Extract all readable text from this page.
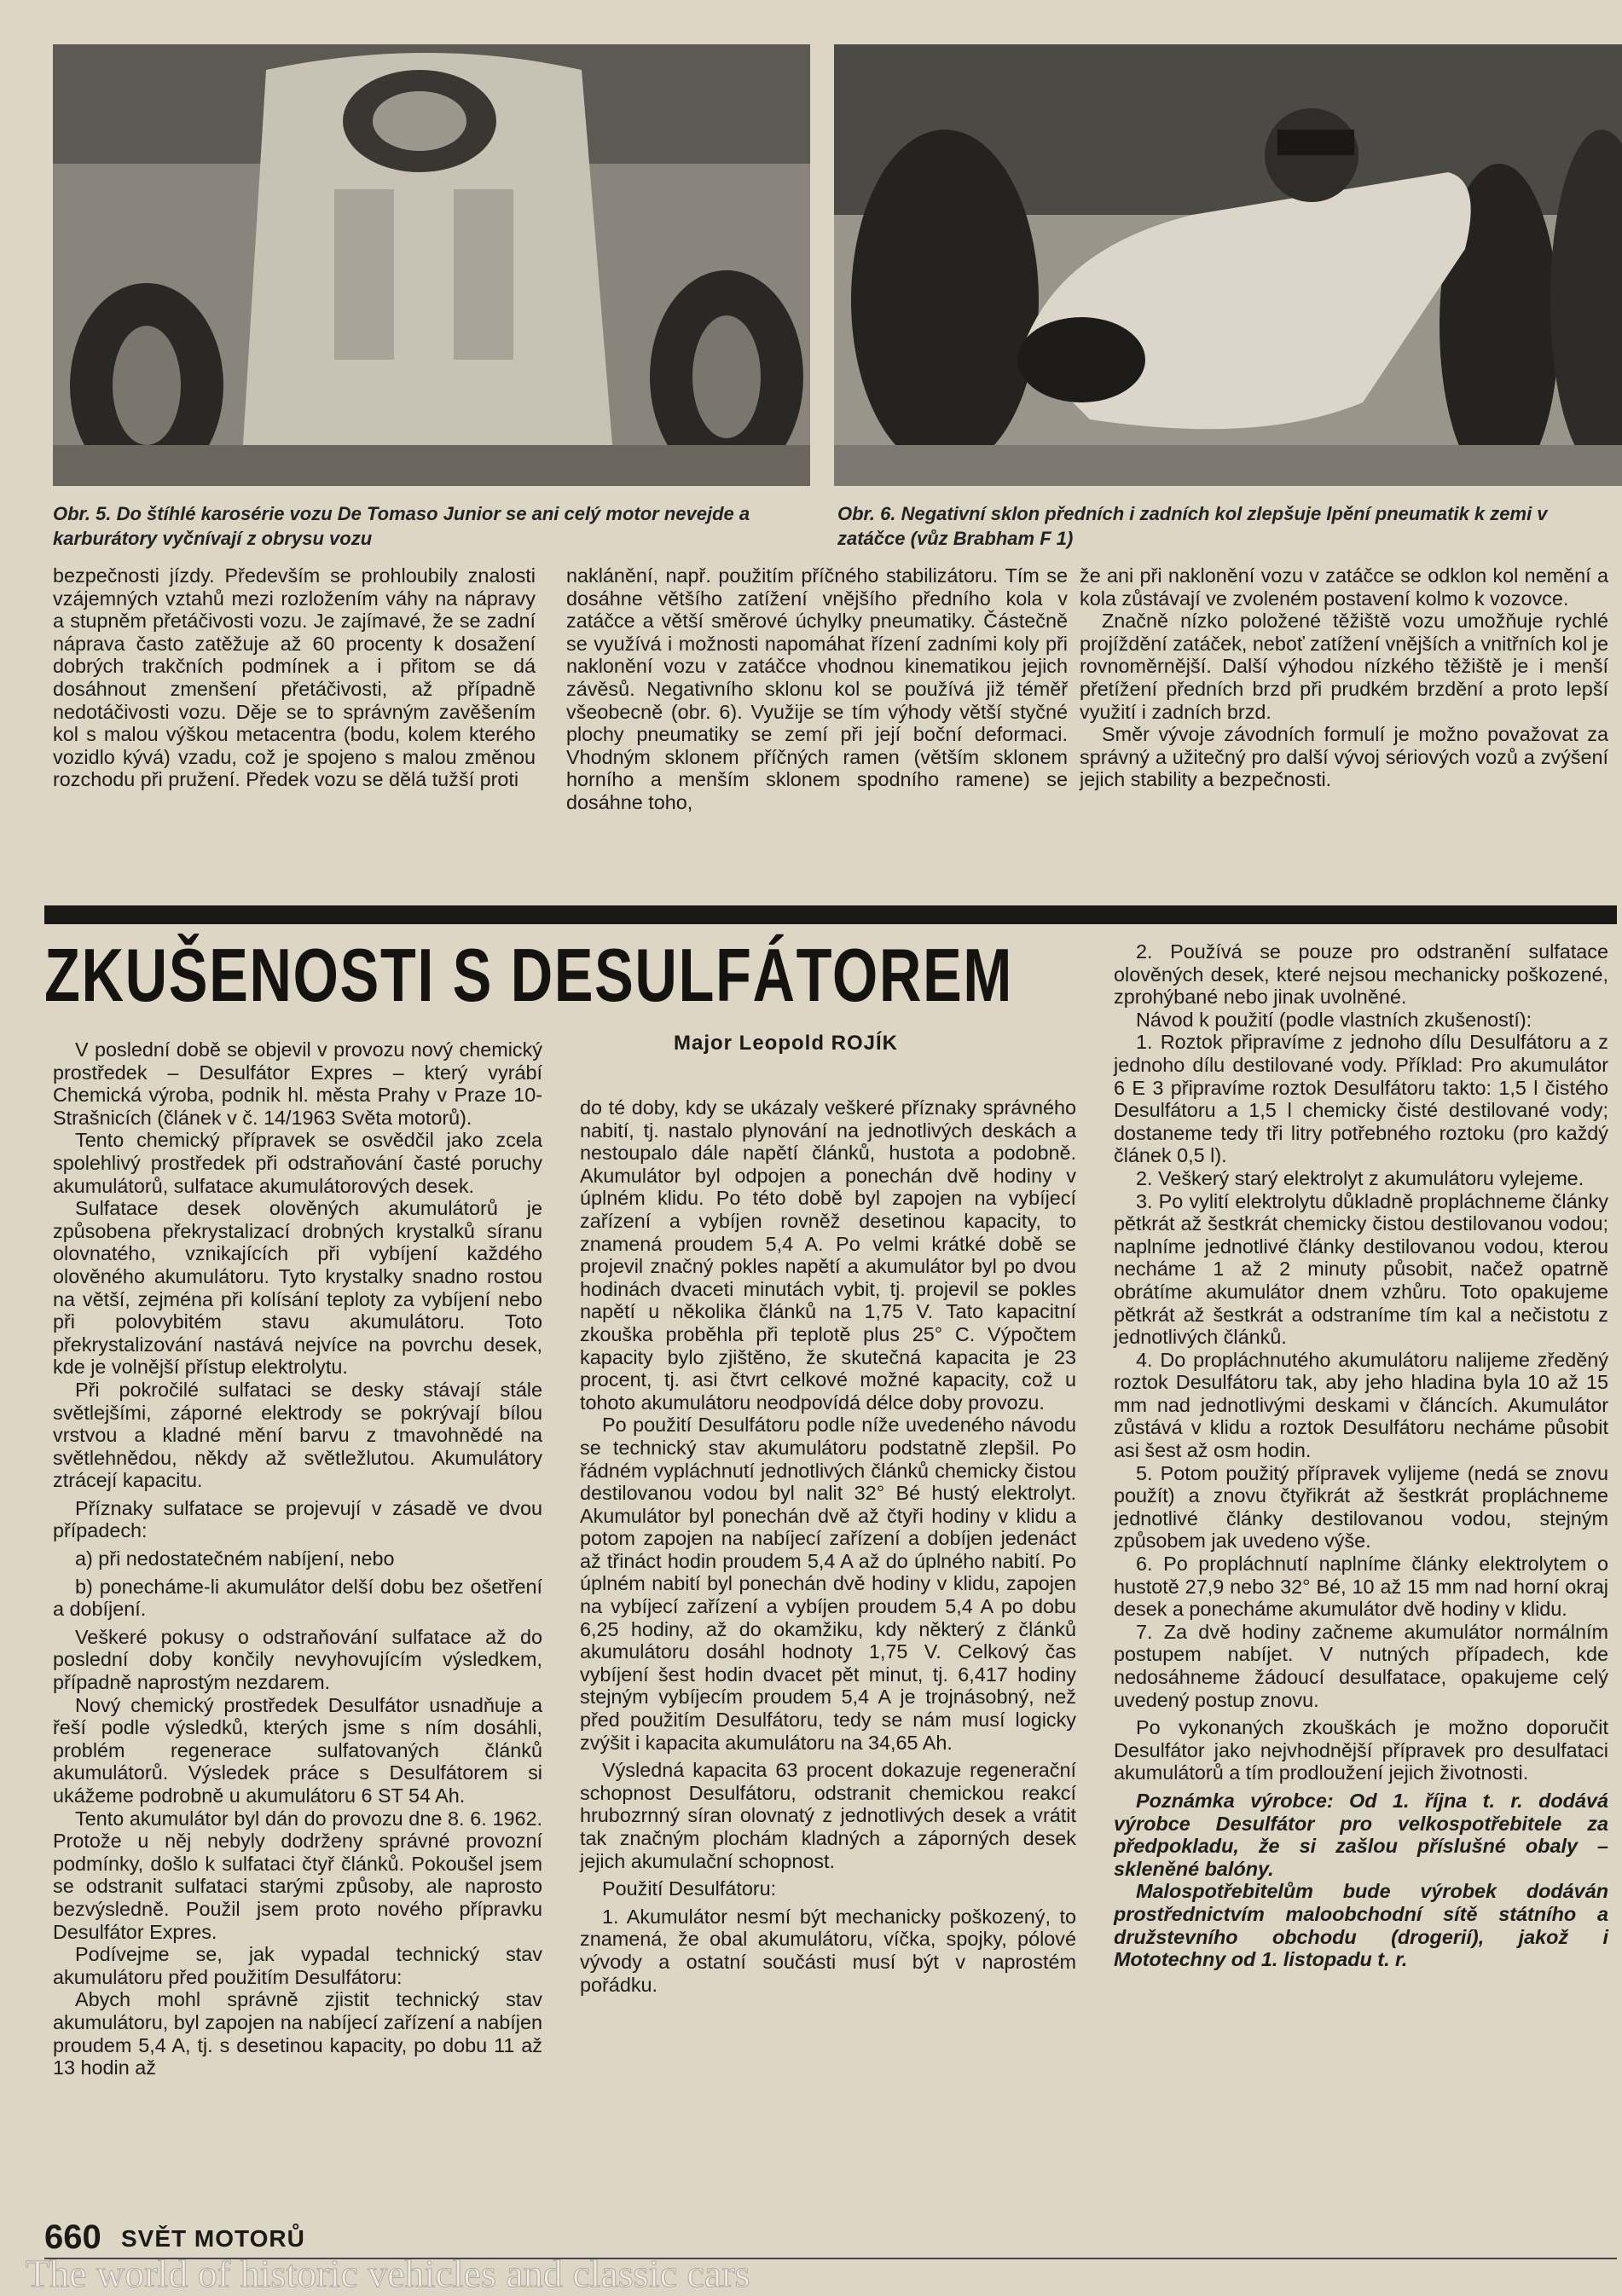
Obr. 5. Do štíhlé karosérie vozu De Tomaso Junior se ani celý motor nevejde a karburátory vyčnívají z obrysu vozu
Obr. 6. Negativní sklon předních i zadních kol zlepšuje lpění pneumatik k zemi v zatáčce (vůz Brabham F 1)

bezpečnosti jízdy. Především se prohloubily znalosti vzájemných vztahů mezi rozložením váhy na nápravy a stupněm přetáčivosti vozu. Je zajímavé, že se zadní náprava často zatěžuje až 60 procenty k dosažení dobrých trakčních podmínek a i přitom se dá dosáhnout zmenšení přetáčivosti, až případně nedotáčivosti vozu. Děje se to správným zavěšením kol s malou výškou metacentra (bodu, kolem kterého vozidlo kývá) vzadu, což je spojeno s malou změnou rozchodu při pružení. Předek vozu se dělá tužší proti

naklánění, např. použitím příčného stabilizátoru. Tím se dosáhne většího zatížení vnějšího předního kola v zatáčce a větší směrové úchylky pneumatiky. Částečně se využívá i možnosti napomáhat řízení zadními koly při naklonění vozu v zatáčce vhodnou kinematikou jejich závěsů. Negativního sklonu kol se používá již téměř všeobecně (obr. 6). Využije se tím výhody větší styčné plochy pneumatiky se zemí při její boční deformaci. Vhodným sklonem příčných ramen (větším sklonem horního a menším sklonem spodního ramene) se dosáhne toho,

že ani při naklonění vozu v zatáčce se odklon kol nemění a kola zůstávají ve zvoleném postavení kolmo k vozovce.

Značně nízko položené těžiště vozu umožňuje rychlé projíždění zatáček, neboť zatížení vnějších a vnitřních kol je rovnoměrnější. Další výhodou nízkého těžiště je i menší přetížení předních brzd při prudkém brzdění a proto lepší využití i zadních brzd.

Směr vývoje závodních formulí je možno považovat za správný a užitečný pro další vývoj sériových vozů a zvýšení jejich stability a bezpečnosti.

ZKUŠENOSTI S DESULFÁTOREM
Major Leopold ROJÍK

V poslední době se objevil v provozu nový chemický prostředek – Desulfátor Expres – který vyrábí Chemická výroba, podnik hl. města Prahy v Praze 10-Strašnicích (článek v č. 14/1963 Světa motorů).

Tento chemický přípravek se osvědčil jako zcela spolehlivý prostředek při odstraňování časté poruchy akumulátorů, sulfatace akumulátorových desek.

Sulfatace desek olověných akumulátorů je způsobena překrystalizací drobných krystalků síranu olovnatého, vznikajících při vybíjení každého olověného akumulátoru. Tyto krystalky snadno rostou na větší, zejména při kolísání teploty za vybíjení nebo při polovybitém stavu akumulátoru. Toto překrystalizování nastává nejvíce na povrchu desek, kde je volnější přístup elektrolytu.

Při pokročilé sulfataci se desky stávají stále světlejšími, záporné elektrody se pokrývají bílou vrstvou a kladné mění barvu z tmavohnědé na světlehnědou, někdy až světležlutou. Akumulátory ztrácejí kapacitu.

Příznaky sulfatace se projevují v zásadě ve dvou případech:

a) při nedostatečném nabíjení, nebo
b) ponecháme-li akumulátor delší dobu bez ošetření a dobíjení.

Veškeré pokusy o odstraňování sulfatace až do poslední doby končily nevyhovujícím výsledkem, případně naprostým nezdarem.

Nový chemický prostředek Desulfátor usnadňuje a řeší podle výsledků, kterých jsme s ním dosáhli, problém regenerace sulfatovaných článků akumulátorů. Výsledek práce s Desulfátorem si ukážeme podrobně u akumulátoru 6 ST 54 Ah.

Tento akumulátor byl dán do provozu dne 8. 6. 1962. Protože u něj nebyly dodrženy správné provozní podmínky, došlo k sulfataci čtyř článků. Pokoušel jsem se odstranit sulfataci starými způsoby, ale naprosto bezvýsledně. Použil jsem proto nového přípravku Desulfátor Expres.

Podívejme se, jak vypadal technický stav akumulátoru před použitím Desulfátoru:

Abych mohl správně zjistit technický stav akumulátoru, byl zapojen na nabíjecí zařízení a nabíjen proudem 5,4 A, tj. s desetinou kapacity, po dobu 11 až 13 hodin až

do té doby, kdy se ukázaly veškeré příznaky správného nabití, tj. nastalo plynování na jednotlivých deskách a nestoupalo dále napětí článků, hustota a podobně. Akumulátor byl odpojen a ponechán dvě hodiny v úplném klidu. Po této době byl zapojen na vybíjecí zařízení a vybíjen rovněž desetinou kapacity, to znamená proudem 5,4 A. Po velmi krátké době se projevil značný pokles napětí a akumulátor byl po dvou hodinách dvaceti minutách vybit, tj. projevil se pokles napětí u několika článků na 1,75 V. Tato kapacitní zkouška proběhla při teplotě plus 25° C. Výpočtem kapacity bylo zjištěno, že skutečná kapacita je 23 procent, tj. asi čtvrt celkové možné kapacity, což u tohoto akumulátoru neodpovídá délce doby provozu.

Po použití Desulfátoru podle níže uvedeného návodu se technický stav akumulátoru podstatně zlepšil. Po řádném vypláchnutí jednotlivých článků chemicky čistou destilovanou vodou byl nalit 32° Bé hustý elektrolyt. Akumulátor byl ponechán dvě až čtyři hodiny v klidu a potom zapojen na nabíjecí zařízení a dobíjen jedenáct až třináct hodin proudem 5,4 A až do úplného nabití. Po úplném nabití byl ponechán dvě hodiny v klidu, zapojen na vybíjecí zařízení a vybíjen proudem 5,4 A po dobu 6,25 hodiny, až do okamžiku, kdy některý z článků akumulátoru dosáhl hodnoty 1,75 V. Celkový čas vybíjení šest hodin dvacet pět minut, tj. 6,417 hodiny stejným vybíjecím proudem 5,4 A je trojnásobný, než před použitím Desulfátoru, tedy se nám musí logicky zvýšit i kapacita akumulátoru na 34,65 Ah.

Výsledná kapacita 63 procent dokazuje regenerační schopnost Desulfátoru, odstranit chemickou reakcí hrubozrnný síran olovnatý z jednotlivých desek a vrátit tak značným plochám kladných a záporných desek jejich akumulační schopnost.

Použití Desulfátoru:

1. Akumulátor nesmí být mechanicky poškozený, to znamená, že obal akumulátoru, víčka, spojky, pólové vývody a ostatní součásti musí být v naprostém pořádku.

2. Používá se pouze pro odstranění sulfatace olověných desek, které nejsou mechanicky poškozené, zprohýbané nebo jinak uvolněné.

Návod k použití (podle vlastních zkušeností):

1. Roztok připravíme z jednoho dílu Desulfátoru a z jednoho dílu destilované vody. Příklad: Pro akumulátor 6 E 3 připravíme roztok Desulfátoru takto: 1,5 l čistého Desulfátoru a 1,5 l chemicky čisté destilované vody; dostaneme tedy tři litry potřebného roztoku (pro každý článek 0,5 l).

2. Veškerý starý elektrolyt z akumulátoru vylejeme.

3. Po vylití elektrolytu důkladně propláchneme články pětkrát až šestkrát chemicky čistou destilovanou vodou; naplníme jednotlivé články destilovanou vodou, kterou necháme 1 až 2 minuty působit, načež opatrně obrátíme akumulátor dnem vzhůru. Toto opakujeme pětkrát až šestkrát a odstraníme tím kal a nečistotu z jednotlivých článků.

4. Do propláchnutého akumulátoru nalijeme zředěný roztok Desulfátoru tak, aby jeho hladina byla 10 až 15 mm nad jednotlivými deskami v článcích. Akumulátor zůstává v klidu a roztok Desulfátoru necháme působit asi šest až osm hodin.

5. Potom použitý přípravek vylijeme (nedá se znovu použít) a znovu čtyřikrát až šestkrát propláchneme jednotlivé články destilovanou vodou, stejným způsobem jak uvedeno výše.

6. Po propláchnutí naplníme články elektrolytem o hustotě 27,9 nebo 32° Bé, 10 až 15 mm nad horní okraj desek a ponecháme akumulátor dvě hodiny v klidu.

7. Za dvě hodiny začneme akumulátor normálním postupem nabíjet. V nutných případech, kde nedosáhneme žádoucí desulfatace, opakujeme celý uvedený postup znovu.

Po vykonaných zkouškách je možno doporučit Desulfátor jako nejvhodnější přípravek pro desulfataci akumulátorů a tím prodloužení jejich životnosti.

Poznámka výrobce: Od 1. října t. r. dodává výrobce Desulfátor pro velkospotřebitele za předpokladu, že si zašlou příslušné obaly – skleněné balóny.

Malospotřebitelům bude výrobek dodáván prostřednictvím maloobchodní sítě státního a družstevního obchodu (drogerií), jakož i Mototechny od 1. listopadu t. r.

660 SVĚT MOTORŮ
The world of historic vehicles and classic cars
